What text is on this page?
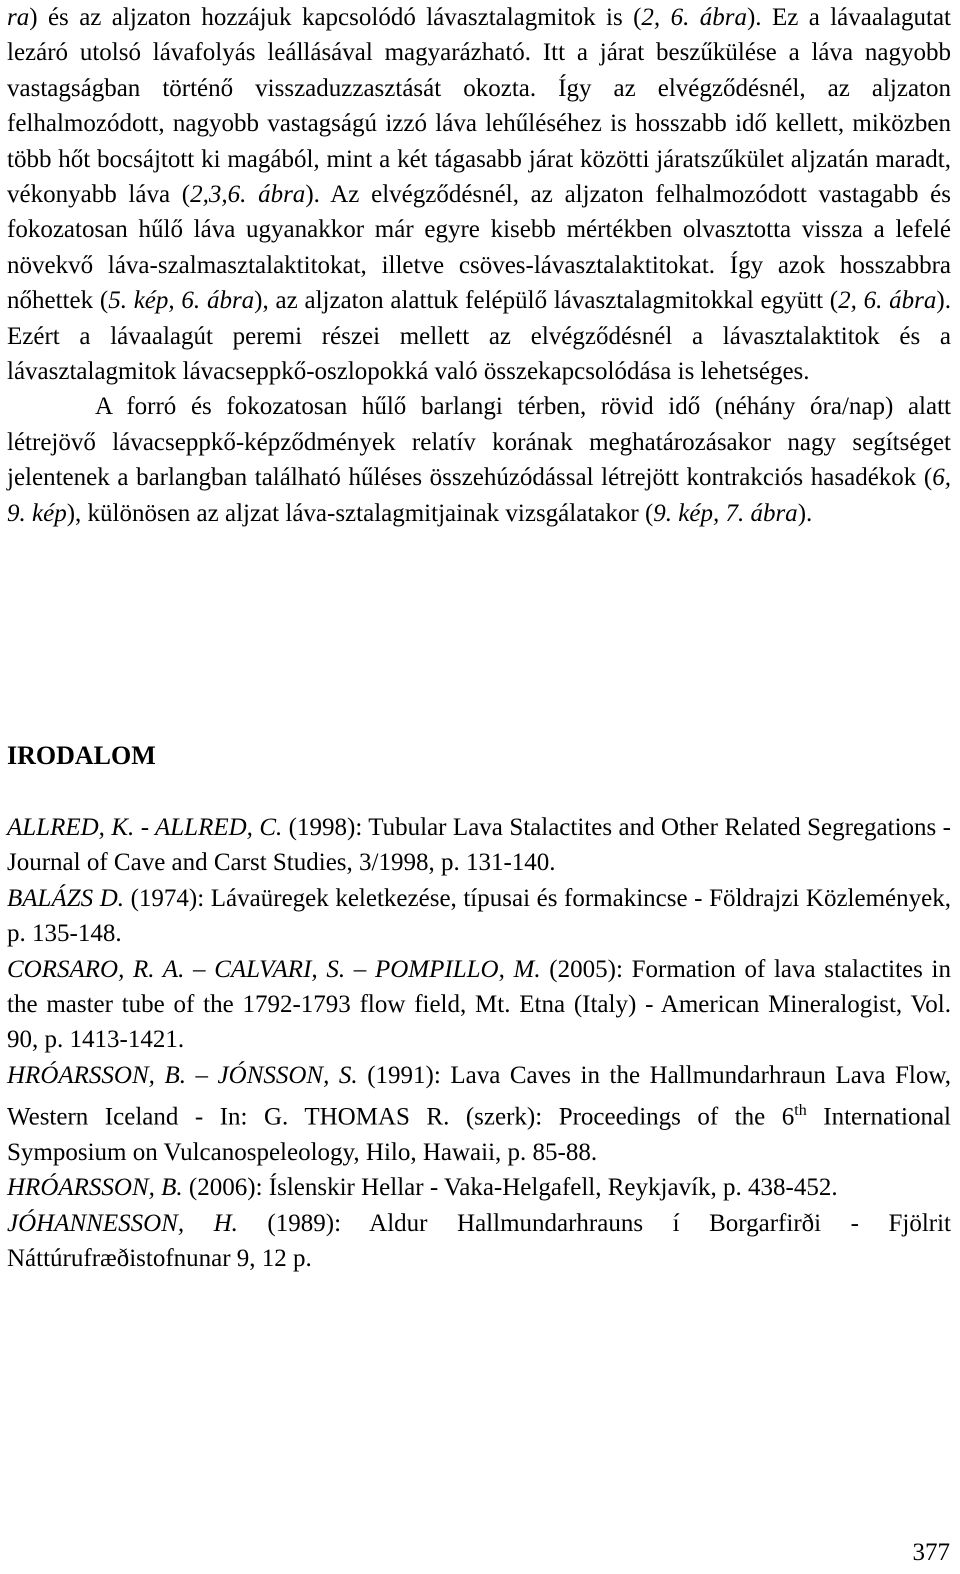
ra) és az aljzaton hozzájuk kapcsolódó lávasztalagmitok is (2, 6. ábra). Ez a lávaalagutat lezáró utolsó lávafolyás leállásával magyarázható. Itt a járat beszűkülése a láva nagyobb vastagságban történő visszaduzzasztását okozta. Így az elvégződésnél, az aljzaton felhalmozódott, nagyobb vastagságú izzó láva lehűléséhez is hosszabb idő kellett, miközben több hőt bocsájtott ki magából, mint a két tágasabb járat közötti járatszűkület aljzatán maradt, vékonyabb láva (2,3,6. ábra). Az elvégződésnél, az aljzaton felhalmozódott vastagabb és fokozatosan hűlő láva ugyanakkor már egyre kisebb mértékben olvasztotta vissza a lefelé növekvő láva-szalmasztalaktitokat, illetve csöves-lávasztalaktitokat. Így azok hosszabbra nőhettek (5. kép, 6. ábra), az aljzaton alattuk felépülő lávasztalagmitokkal együtt (2, 6. ábra). Ezért a lávaalagút peremi részei mellett az elvégződésnél a lávasztalaktitok és a lávasztalagmitok lávacseppkő-oszlopokká való összekapcsolódása is lehetséges.

A forró és fokozatosan hűlő barlangi térben, rövid idő (néhány óra/nap) alatt létrejövő lávacseppkő-képződmények relatív korának meghatározásakor nagy segítséget jelentenek a barlangban található hűléses összehúzódással létrejött kontrakciós hasadékok (6, 9. kép), különösen az aljzat láva-sztalagmitjainak vizsgálatakor (9. kép, 7. ábra).

IRODALOM

ALLRED, K. - ALLRED, C. (1998): Tubular Lava Stalactites and Other Related Segregations - Journal of Cave and Carst Studies, 3/1998, p. 131-140.

BALÁZS D. (1974): Lávaüregek keletkezése, típusai és formakincse - Földrajzi Közlemények, p. 135-148.

CORSARO, R. A. – CALVARI, S. – POMPILLO, M. (2005): Formation of lava stalactites in the master tube of the 1792-1793 flow field, Mt. Etna (Italy) - American Mineralogist, Vol. 90, p. 1413-1421.

HRÓARSSON, B. – JÓNSSON, S. (1991): Lava Caves in the Hallmundarhraun Lava Flow, Western Iceland - In: G. THOMAS R. (szerk): Proceedings of the 6th International Symposium on Vulcanospeleology, Hilo, Hawaii, p. 85-88.

HRÓARSSON, B. (2006): Íslenskir Hellar - Vaka-Helgafell, Reykjavík, p. 438-452.

JÓHANNESSON, H. (1989): Aldur Hallmundarhrauns í Borgarfirði - Fjölrit Náttúrufræðistofnunar 9, 12 p.

377
